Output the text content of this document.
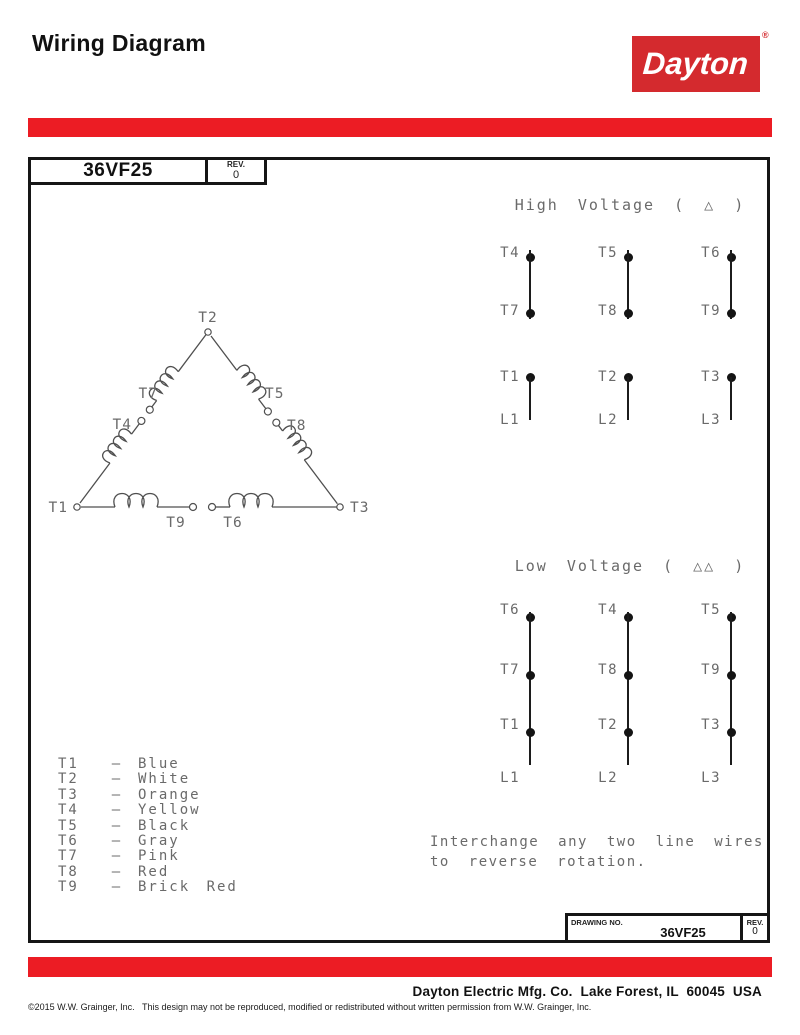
Wiring Diagram
Dayton
®
36VF25	REV.
0
High Voltage ( △ )
T4
T7
T1
L1
T5
T8
T2
L2
T6
T9
T3
L3
T2
T1	T3
T4
T7	T5
T8
T9	T6
Low Voltage ( △△ )
T6
T7
T1
L1
T4
T8
T2
L2
T5
T9
T3
L3
T1	—	Blue
T2	—	White
T3	—	Orange
T4	—	Yellow
T5	—	Black
T6	—	Gray
T7	—	Pink
T8	—	Red
T9	—	Brick Red
Interchange any two line wires
to reverse rotation.
DRAWING NO.
36VF25
REV.
0
Dayton Electric Mfg. Co.  Lake Forest, IL  60045  USA
©2015 W.W. Grainger, Inc.   This design may not be reproduced, modified or redistributed without written permission from W.W. Grainger, Inc.
